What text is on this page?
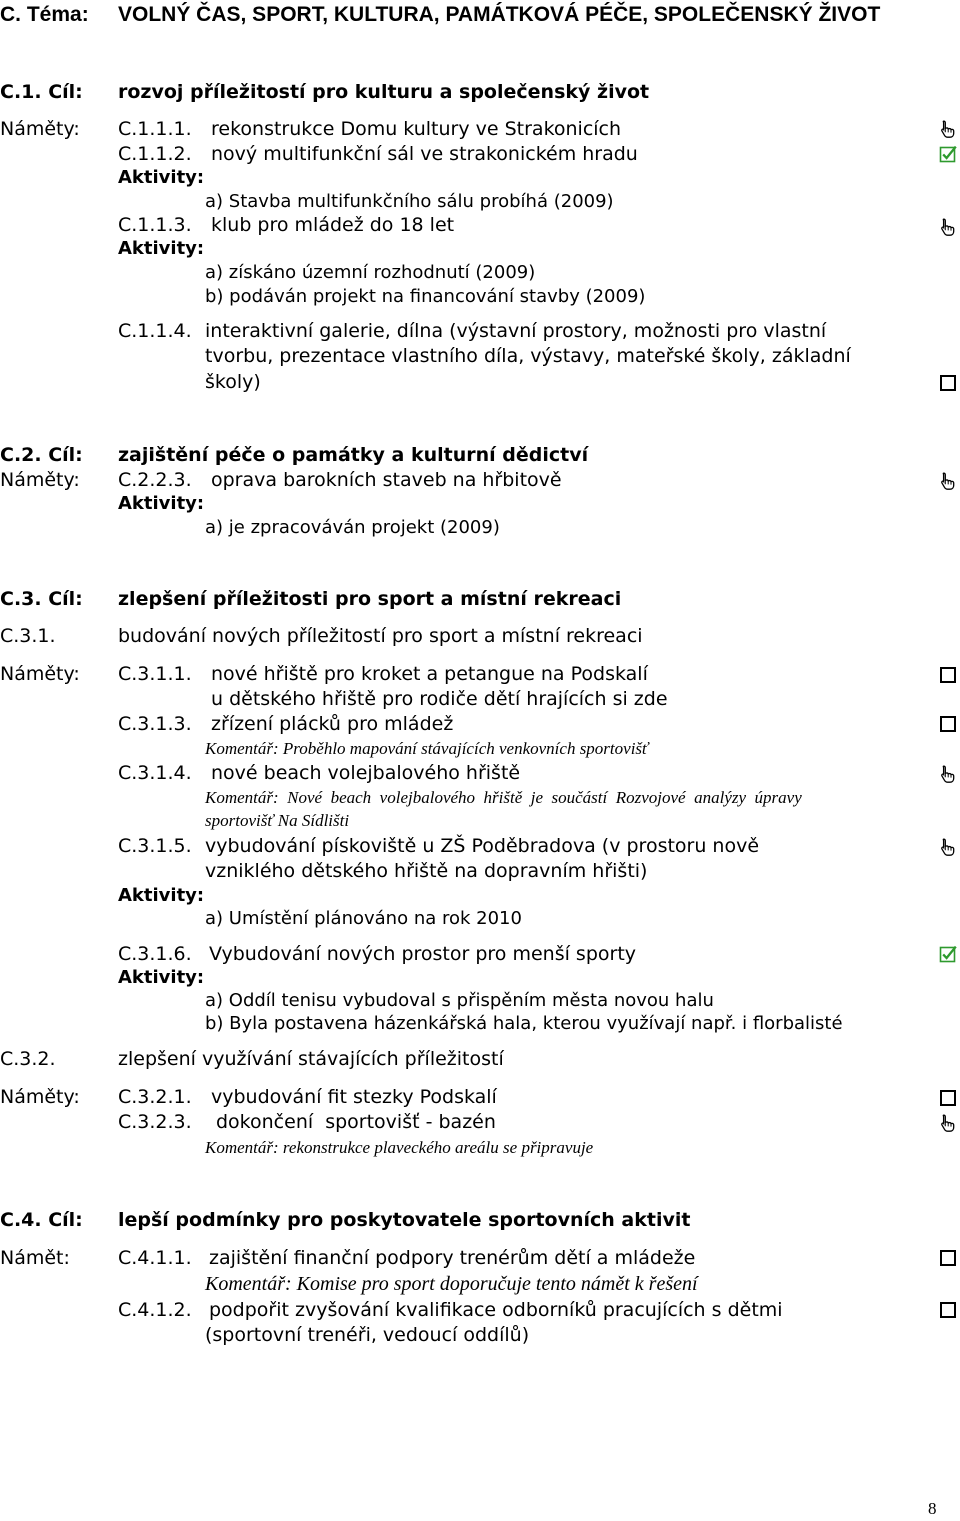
C. Téma: VOLNÝ ČAS, SPORT, KULTURA, PAMÁTKOVÁ PÉČE, SPOLEČENSKÝ ŽIVOT
C.1. Cíl: rozvoj příležitostí pro kulturu a společenský život
Náměty: C.1.1.1. rekonstrukce Domu kultury ve Strakonicích
C.1.1.2. nový multifunkční sál ve strakonickém hradu
Aktivity:
a) Stavba multifunkčního sálu probíhá (2009)
C.1.1.3. klub pro mládež do 18 let
Aktivity:
a) získáno územní rozhodnutí (2009)
b) podáván projekt na financování stavby (2009)
C.1.1.4. interaktivní galerie, dílna (výstavní prostory, možnosti pro vlastní
tvorbu, prezentace vlastního díla, výstavy, mateřské školy, základní
školy)
C.2. Cíl: zajištění péče o památky a kulturní dědictví
Náměty: C.2.2.3. oprava barokních staveb na hřbitově
Aktivity:
a) je zpracováván projekt (2009)
C.3. Cíl: zlepšení příležitosti pro sport a místní rekreaci
C.3.1.	budování nových příležitostí pro sport a místní rekreaci
Náměty: C.3.1.1. nové hřiště pro kroket a petangue na Podskalí
u dětského hřiště pro rodiče dětí hrajících si zde
C.3.1.3. zřízení plácků pro mládež
Komentář: Proběhlo mapování stávajících venkovních sportovišť
C.3.1.4. nové beach volejbalového hřiště
Komentář:  Nové  beach  volejbalového  hřiště  je  součástí  Rozvojové  analýzy  úpravy
sportovišť Na Sídlišti
C.3.1.5. vybudování pískoviště u ZŠ Poděbradova (v prostoru nově
vzniklého dětského hřiště na dopravním hřišti)
Aktivity:
a) Umístění plánováno na rok 2010
C.3.1.6. Vybudování nových prostor pro menší sporty
Aktivity:
a) Oddíl tenisu vybudoval s přispěním města novou halu
b) Byla postavena házenkářská hala, kterou využívají např. i florbalisté
C.3.2.	zlepšení využívání stávajících příležitostí
Náměty: C.3.2.1. vybudování fit stezky Podskalí
C.3.2.3. dokončení  sportovišť - bazén
Komentář: rekonstrukce plaveckého areálu se připravuje
C.4. Cíl: lepší podmínky pro poskytovatele sportovních aktivit
Námět:	C.4.1.1. zajištění finanční podpory trenérům dětí a mládeže
Komentář: Komise pro sport doporučuje tento námět k řešení
C.4.1.2. podpořit zvyšování kvalifikace odborníků pracujících s dětmi
(sportovní trenéři, vedoucí oddílů)
8
